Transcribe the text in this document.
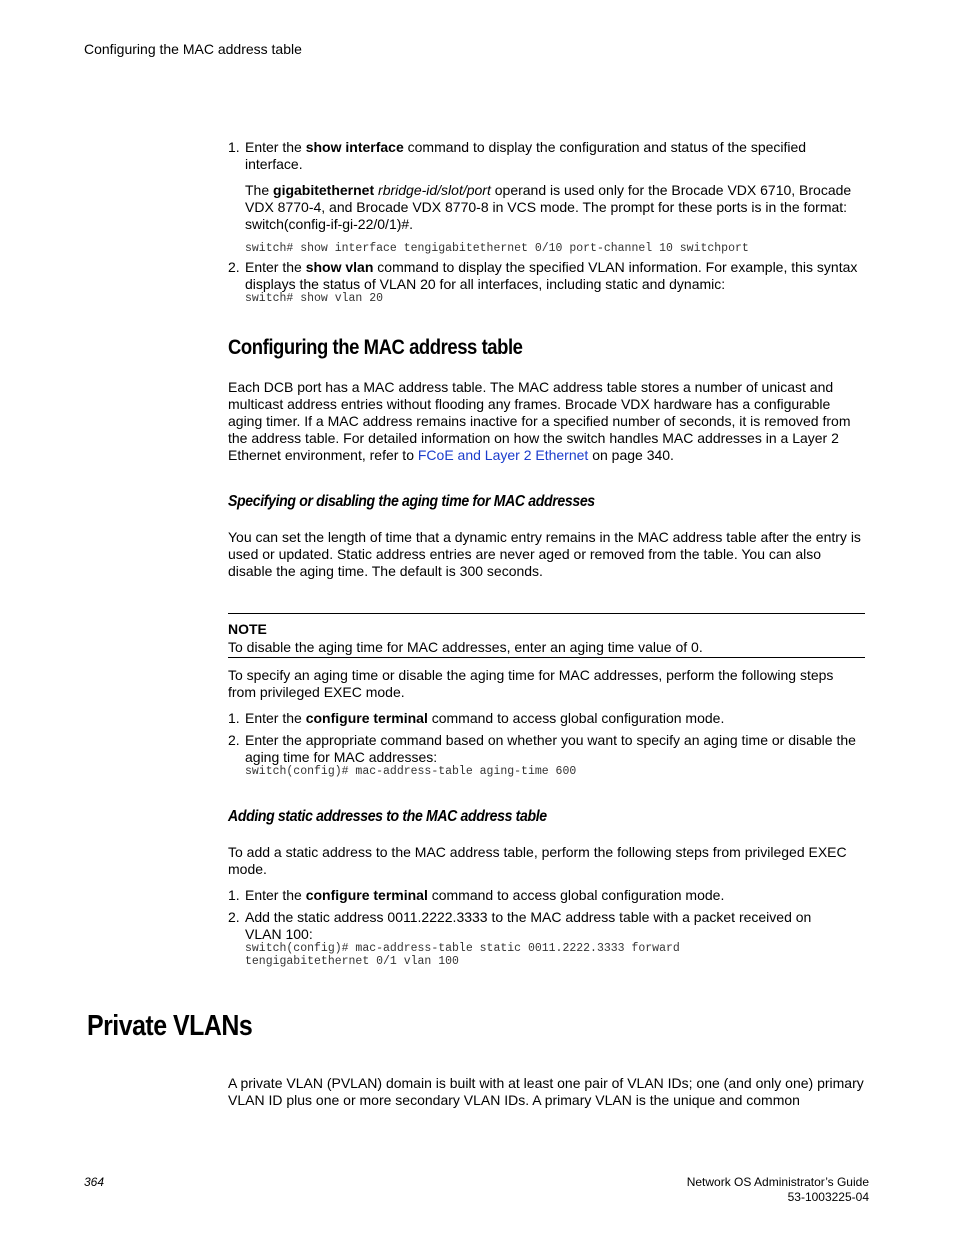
Configuring the MAC address table
1. Enter the show interface command to display the configuration and status of the specified interface.
The gigabitethernet rbridge-id/slot/port operand is used only for the Brocade VDX 6710, Brocade VDX 8770-4, and Brocade VDX 8770-8 in VCS mode. The prompt for these ports is in the format: switch(config-if-gi-22/0/1)#.
switch# show interface tengigabitethernet 0/10 port-channel 10 switchport
2. Enter the show vlan command to display the specified VLAN information. For example, this syntax displays the status of VLAN 20 for all interfaces, including static and dynamic:
switch# show vlan 20
Configuring the MAC address table
Each DCB port has a MAC address table. The MAC address table stores a number of unicast and multicast address entries without flooding any frames. Brocade VDX hardware has a configurable aging timer. If a MAC address remains inactive for a specified number of seconds, it is removed from the address table. For detailed information on how the switch handles MAC addresses in a Layer 2 Ethernet environment, refer to FCoE and Layer 2 Ethernet on page 340.
Specifying or disabling the aging time for MAC addresses
You can set the length of time that a dynamic entry remains in the MAC address table after the entry is used or updated. Static address entries are never aged or removed from the table. You can also disable the aging time. The default is 300 seconds.
NOTE
To disable the aging time for MAC addresses, enter an aging time value of 0.
To specify an aging time or disable the aging time for MAC addresses, perform the following steps from privileged EXEC mode.
1. Enter the configure terminal command to access global configuration mode.
2. Enter the appropriate command based on whether you want to specify an aging time or disable the aging time for MAC addresses:
switch(config)# mac-address-table aging-time 600
Adding static addresses to the MAC address table
To add a static address to the MAC address table, perform the following steps from privileged EXEC mode.
1. Enter the configure terminal command to access global configuration mode.
2. Add the static address 0011.2222.3333 to the MAC address table with a packet received on VLAN 100:
switch(config)# mac-address-table static 0011.2222.3333 forward
tengigabitethernet 0/1 vlan 100
Private VLANs
A private VLAN (PVLAN) domain is built with at least one pair of VLAN IDs; one (and only one) primary VLAN ID plus one or more secondary VLAN IDs. A primary VLAN is the unique and common
364	Network OS Administrator’s Guide
53-1003225-04
